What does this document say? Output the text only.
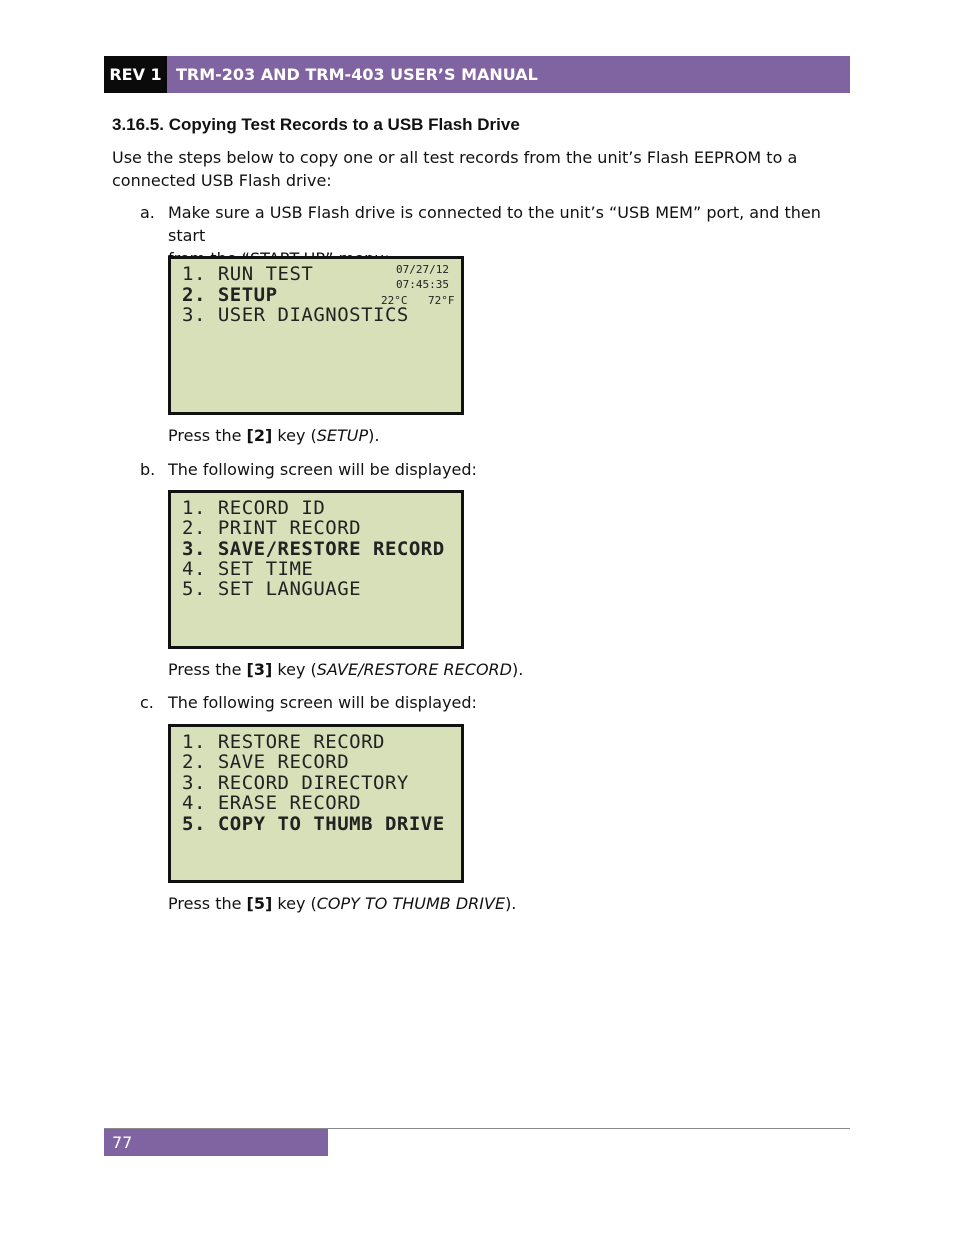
REV 1 TRM-203 AND TRM-403 USER’S MANUAL
3.16.5. Copying Test Records to a USB Flash Drive
Use the steps below to copy one or all test records from the unit’s Flash EEPROM to a
connected USB Flash drive:
a. Make sure a USB Flash drive is connected to the unit’s “USB MEM” port, and then start
1. RUN TEST
2. SETUP
3. USER DIAGNOSTICS
07/27/12
07:45:35
22°C 72°F
Press the [2] key (SETUP).
b. The following screen will be displayed:
1. RECORD ID
2. PRINT RECORD
3. SAVE/RESTORE RECORD
4. SET TIME
5. SET LANGUAGE
Press the [3] key (SAVE/RESTORE RECORD).
c. The following screen will be displayed:
1. RESTORE RECORD
2. SAVE RECORD
3. RECORD DIRECTORY
4. ERASE RECORD
5. COPY TO THUMB DRIVE
Press the [5] key (COPY TO THUMB DRIVE).
77
